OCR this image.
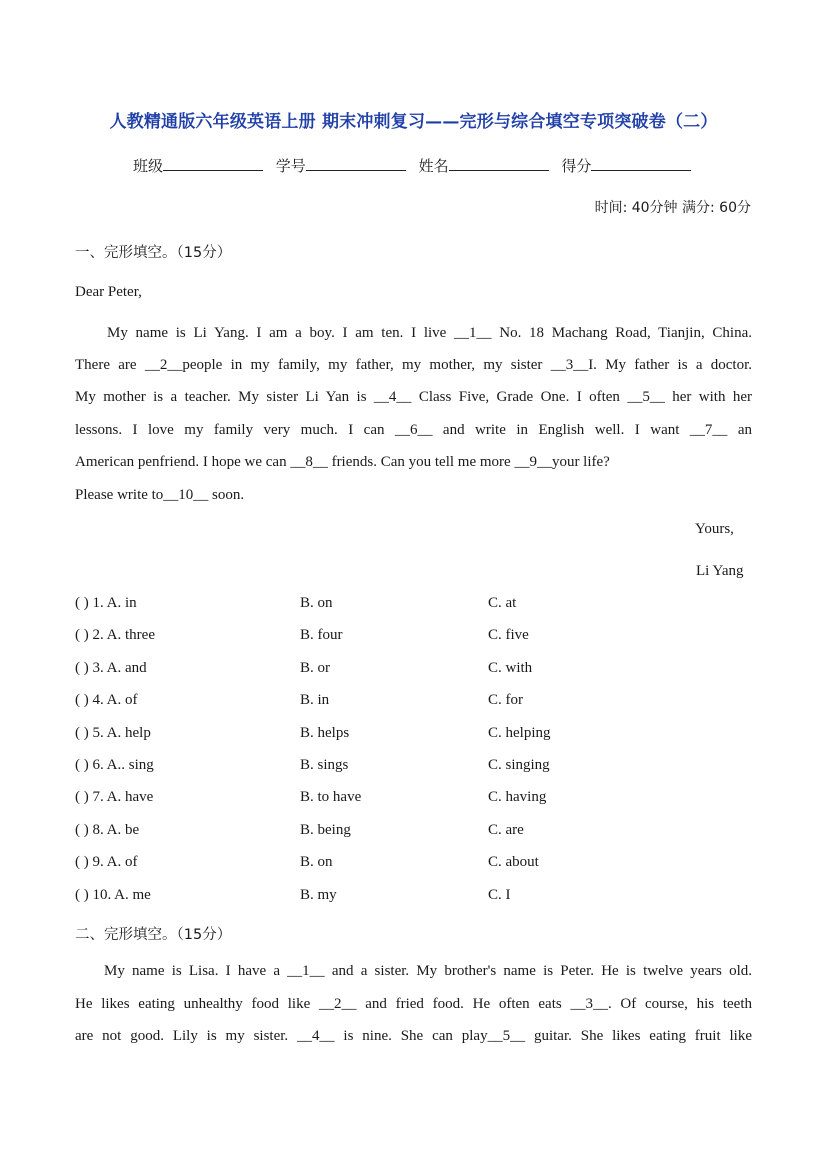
人教精通版六年级英语上册 期末冲刺复习——完形与综合填空专项突破卷（二）
班级	学号	姓名	得分
时间: 40分钟 满分: 60分
一、完形填空。（15分）
Dear Peter,
My name is Li Yang. I am a boy. I am ten. I live __1__ No. 18 Machang Road, Tianjin, China.
There are __2__people in my family, my father, my mother, my sister __3__I. My father is a doctor.
My mother is a teacher. My sister Li Yan is __4__ Class Five, Grade One. I often __5__ her with her
lessons. I love my family very much. I can __6__ and write in English well. I want __7__ an
American penfriend. I hope we can __8__ friends. Can you tell me more __9__your life?
Please write to__10__ soon.
Yours,
Li Yang
( ) 1. A. in	B. on	C. at
( ) 2. A. three	B. four	C. five
( ) 3. A. and	B. or	C. with
( ) 4. A. of	B. in	C. for
( ) 5. A. help	B. helps	C. helping
( ) 6. A.. sing	B. sings	C. singing
( ) 7. A. have	B. to have	C. having
( ) 8. A. be	B. being	C. are
( ) 9. A. of	B. on	C. about
( ) 10. A. me	B. my	C. I
二、完形填空。（15分）
My name is Lisa. I have a __1__ and a sister. My brother's name is Peter. He is twelve years old.
He likes eating unhealthy food like __2__ and fried food. He often eats __3__. Of course, his teeth
are not good. Lily is my sister. __4__ is nine. She can play__5__ guitar. She likes eating fruit like
